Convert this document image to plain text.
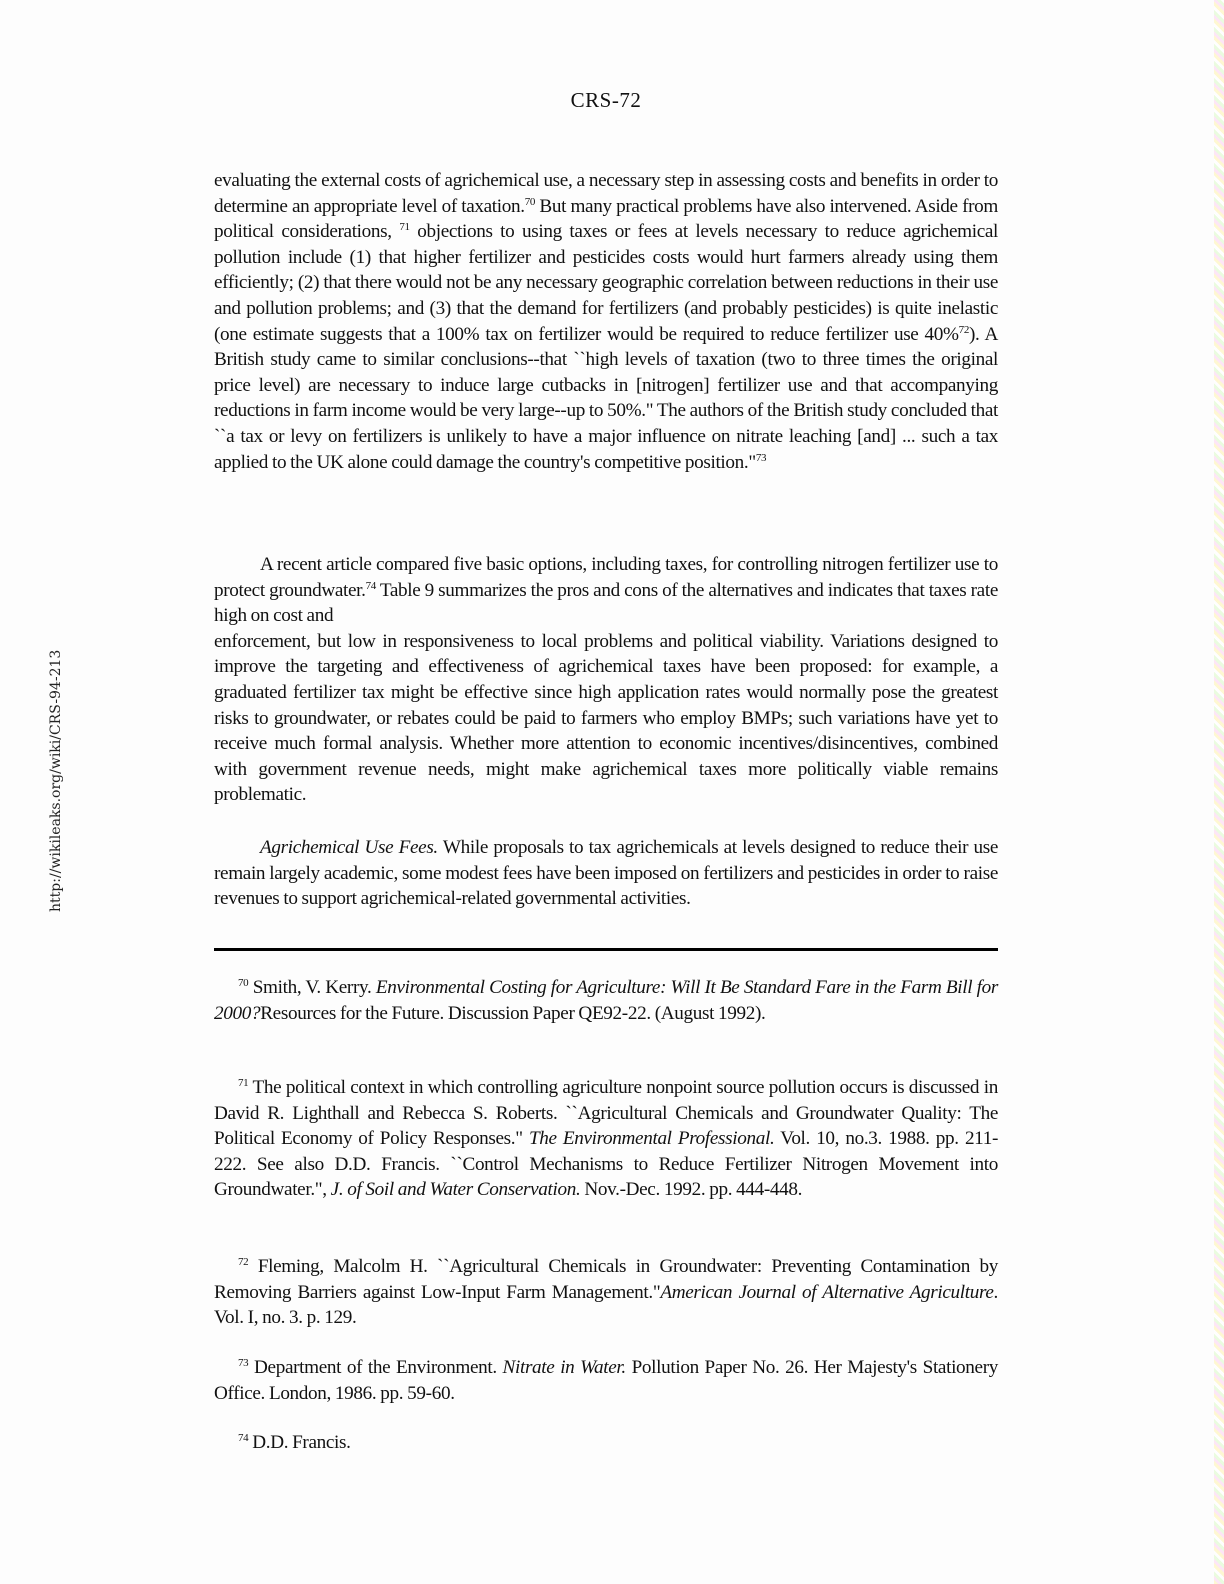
CRS-72
http://wikileaks.org/wiki/CRS-94-213

evaluating the external costs of agrichemical use, a necessary step in assessing costs and benefits in order to determine an appropriate level of taxation.$^{70}$ But many practical problems have also intervened. Aside from political considerations, $^{71}$ objections to using taxes or fees at levels necessary to reduce agrichemical pollution include (1) that higher fertilizer and pesticides costs would hurt farmers already using them efficiently; (2) that there would not be any necessary geographic correlation between reductions in their use and pollution problems; and (3) that the demand for fertilizers (and probably pesticides) is quite inelastic (one estimate suggests that a 100% tax on fertilizer would be required to reduce fertilizer use 40%$^{72}$). A British study came to similar conclusions--that ``high levels of taxation (two to three times the original price level) are necessary to induce large cutbacks in [nitrogen] fertilizer use and that accompanying reductions in farm income would be very large--up to 50%." The authors of the British study concluded that ``a tax or levy on fertilizers is unlikely to have a major influence on nitrate leaching [and] ... such a tax applied to the UK alone could damage the country's competitive position."$^{73}$

A recent article compared five basic options, including taxes, for controlling nitrogen fertilizer use to protect groundwater.$^{74}$ Table 9 summarizes the pros and cons of the alternatives and indicates that taxes rate high on cost and

enforcement, but low in responsiveness to local problems and political viability. Variations designed to improve the targeting and effectiveness of agrichemical taxes have been proposed: for example, a graduated fertilizer tax might be effective since high application rates would normally pose the greatest risks to groundwater, or rebates could be paid to farmers who employ BMPs; such variations have yet to receive much formal analysis. Whether more attention to economic incentives/disincentives, combined with government revenue needs, might make agrichemical taxes more politically viable remains problematic.

Agrichemical Use Fees. While proposals to tax agrichemicals at levels designed to reduce their use remain largely academic, some modest fees have been imposed on fertilizers and pesticides in order to raise revenues to support agrichemical-related governmental activities.

$^{70}$ Smith, V. Kerry. Environmental Costing for Agriculture: Will It Be Standard Fare in the Farm Bill for 2000?Resources for the Future. Discussion Paper QE92-22. (August 1992).

$^{71}$ The political context in which controlling agriculture nonpoint source pollution occurs is discussed in David R. Lighthall and Rebecca S. Roberts. ``Agricultural Chemicals and Groundwater Quality: The Political Economy of Policy Responses." The Environmental Professional. Vol. 10, no.3. 1988. pp. 211-222. See also D.D. Francis. ``Control Mechanisms to Reduce Fertilizer Nitrogen Movement into Groundwater.", J. of Soil and Water Conservation. Nov.-Dec. 1992. pp. 444-448.

$^{72}$ Fleming, Malcolm H. ``Agricultural Chemicals in Groundwater: Preventing Contamination by Removing Barriers against Low-Input Farm Management."American Journal of Alternative Agriculture. Vol. I, no. 3. p. 129.

$^{73}$ Department of the Environment. Nitrate in Water. Pollution Paper No. 26. Her Majesty's Stationery Office. London, 1986. pp. 59-60.

$^{74}$ D.D. Francis.
